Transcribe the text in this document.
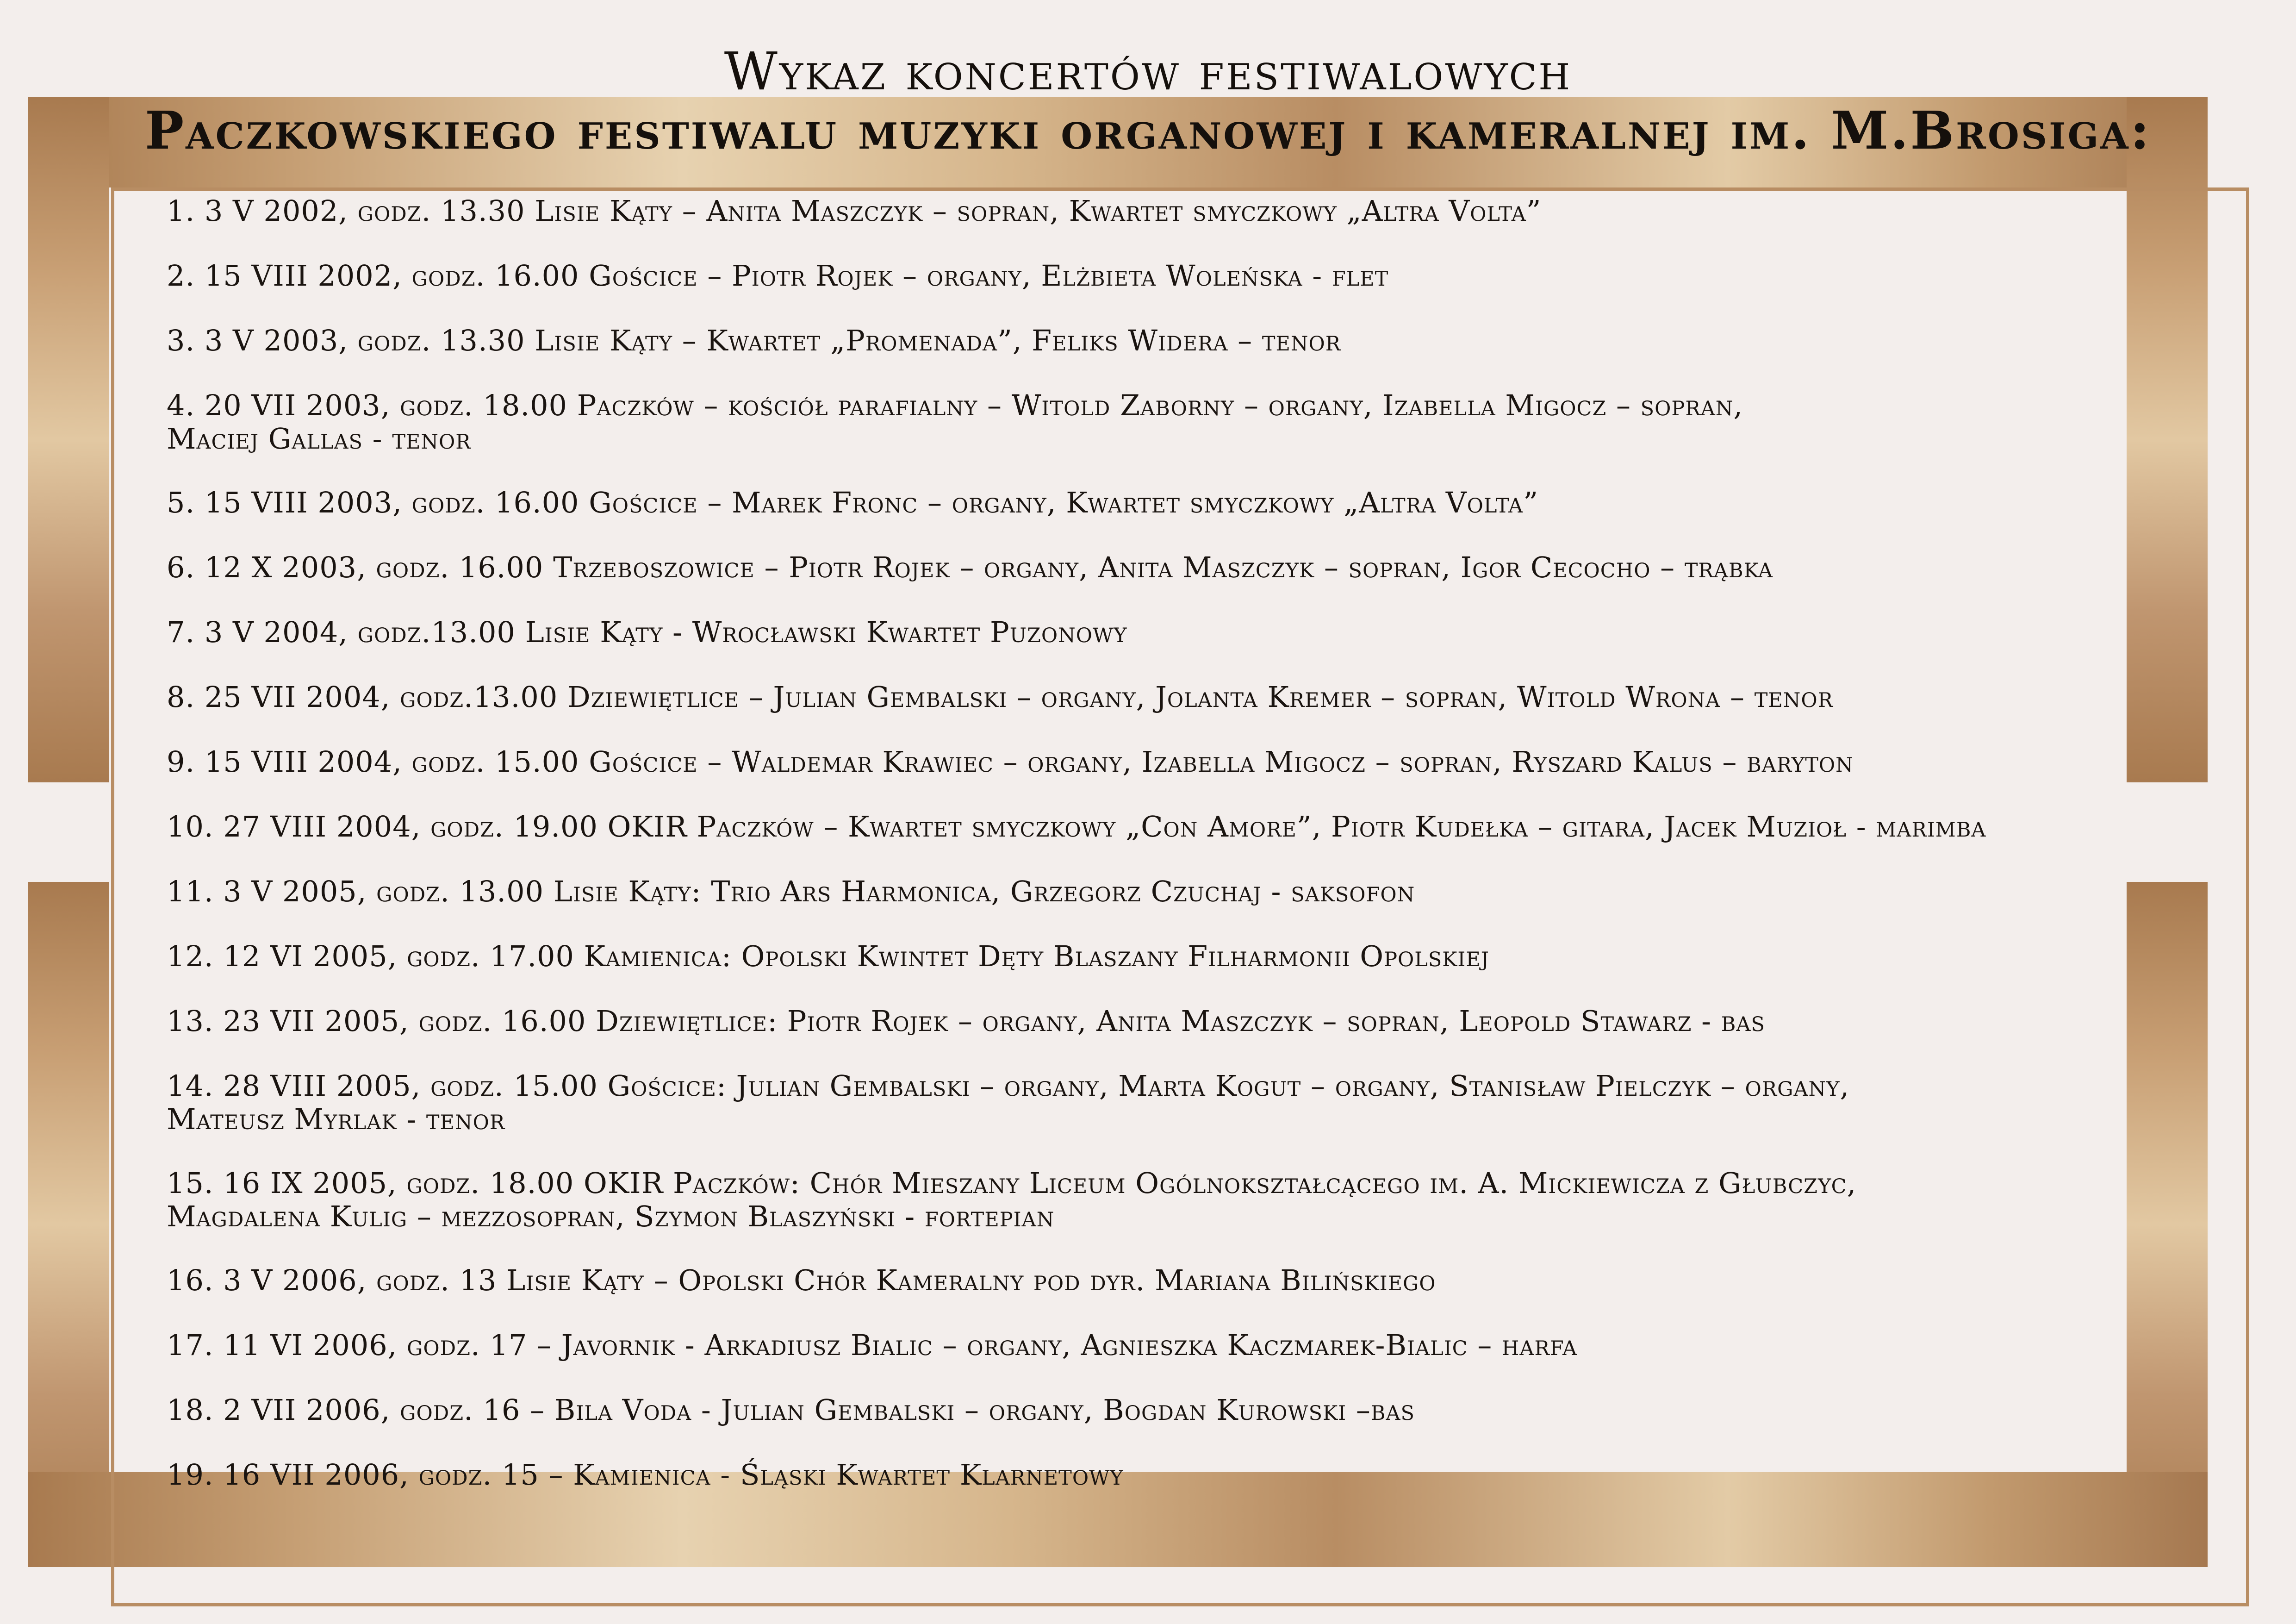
Wykaz koncertów festiwalowych
Paczkowskiego festiwalu muzyki organowej i kameralnej im. M.Brosiga:
1. 3 V 2002, godz. 13.30 Lisie Kąty – Anita Maszczyk – sopran, Kwartet smyczkowy „Altra Volta”
2. 15 VIII 2002, godz. 16.00 Gościce – Piotr Rojek – organy, Elżbieta Woleńska - flet
3. 3 V 2003, godz. 13.30 Lisie Kąty – Kwartet „Promenada”, Feliks Widera – tenor
4. 20 VII 2003, godz. 18.00 Paczków – kościół parafialny – Witold Zaborny – organy, Izabella Migocz – sopran,
Maciej Gallas - tenor
5. 15 VIII 2003, godz. 16.00 Gościce – Marek Fronc – organy, Kwartet smyczkowy „Altra Volta”
6. 12 X 2003, godz. 16.00 Trzeboszowice – Piotr Rojek – organy, Anita Maszczyk – sopran, Igor Cecocho – trąbka
7. 3 V 2004, godz.13.00 Lisie Kąty - Wrocławski Kwartet Puzonowy
8. 25 VII 2004, godz.13.00 Dziewiętlice – Julian Gembalski – organy, Jolanta Kremer – sopran, Witold Wrona – tenor
9. 15 VIII 2004, godz. 15.00 Gościce – Waldemar Krawiec – organy, Izabella Migocz – sopran, Ryszard Kalus – baryton
10. 27 VIII 2004, godz. 19.00 OKIR Paczków – Kwartet smyczkowy „Con Amore”, Piotr Kudełka – gitara, Jacek Muzioł - marimba
11. 3 V 2005, godz. 13.00 Lisie Kąty: Trio Ars Harmonica, Grzegorz Czuchaj - saksofon
12. 12 VI 2005, godz. 17.00 Kamienica: Opolski Kwintet Dęty Blaszany Filharmonii Opolskiej
13. 23 VII 2005, godz. 16.00 Dziewiętlice: Piotr Rojek – organy, Anita Maszczyk – sopran, Leopold Stawarz - bas
14. 28 VIII 2005, godz. 15.00 Gościce: Julian Gembalski – organy, Marta Kogut – organy, Stanisław Pielczyk – organy,
Mateusz Myrlak - tenor
15. 16 IX 2005, godz. 18.00 OKIR Paczków: Chór Mieszany Liceum Ogólnokształcącego im. A. Mickiewicza z Głubczyc,
Magdalena Kulig – mezzosopran, Szymon Blaszyński - fortepian
16. 3 V 2006, godz. 13 Lisie Kąty – Opolski Chór Kameralny pod dyr. Mariana Bilińskiego
17. 11 VI 2006, godz. 17 – Javornik - Arkadiusz Bialic – organy, Agnieszka Kaczmarek-Bialic – harfa
18. 2 VII 2006, godz. 16 – Bila Voda - Julian Gembalski – organy, Bogdan Kurowski –bas
19. 16 VII 2006, godz. 15 – Kamienica - Śląski Kwartet Klarnetowy
